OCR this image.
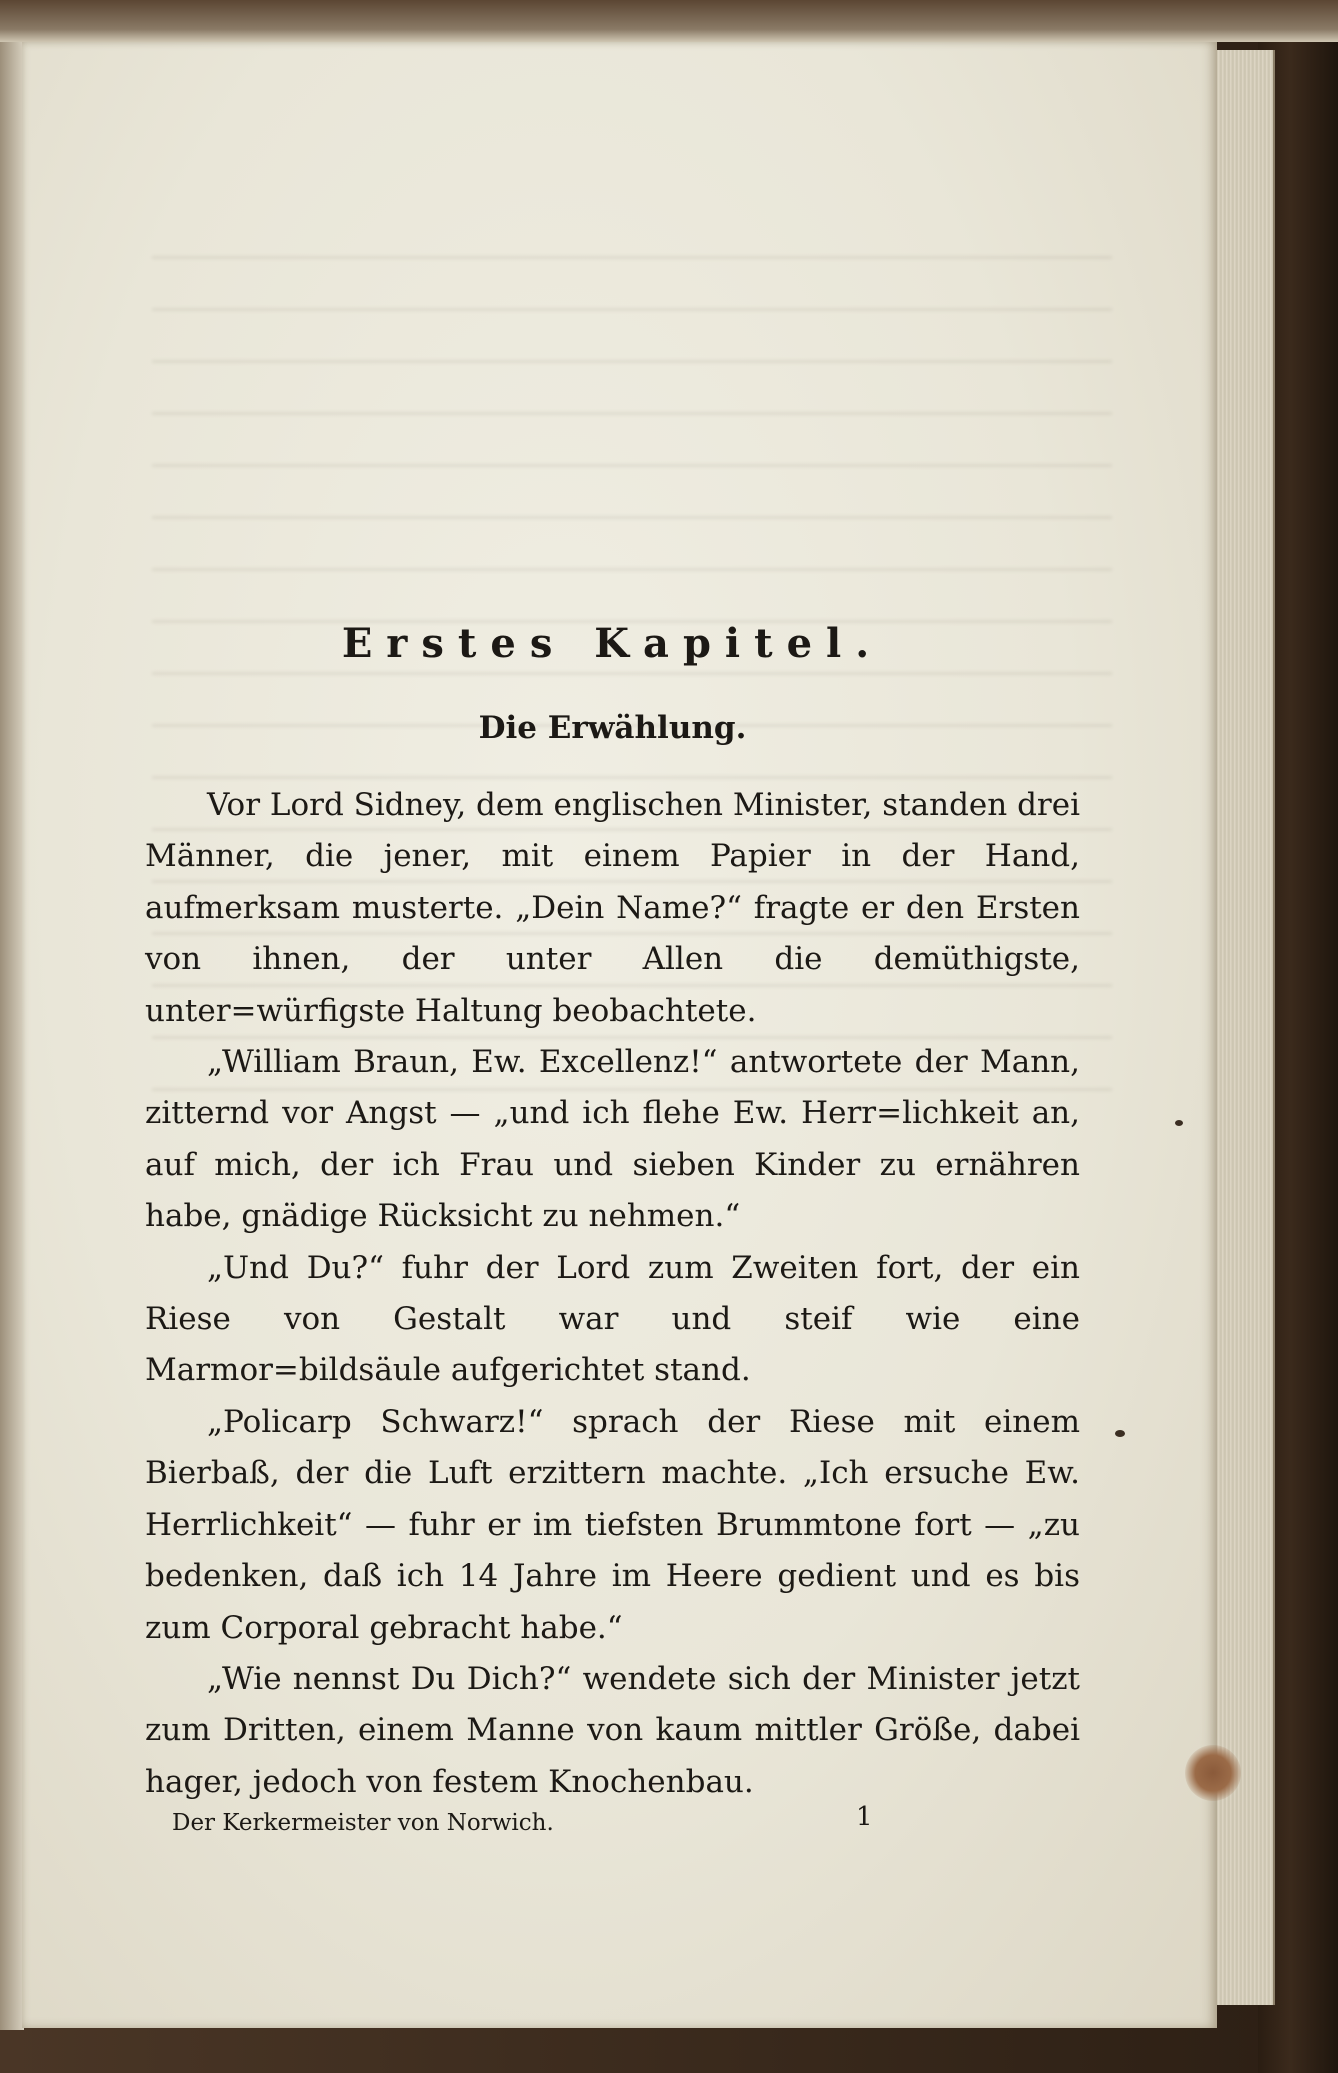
Erstes Kapitel.
Die Erwählung.

Vor Lord Sidney, dem englischen Minister, standen drei Männer, die jener, mit einem Papier in der Hand, aufmerksam musterte. „Dein Name?“ fragte er den Ersten von ihnen, der unter Allen die demüthigste, unter=würfigste Haltung beobachtete.

„William Braun, Ew. Excellenz!“ antwortete der Mann, zitternd vor Angst — „und ich flehe Ew. Herr=lichkeit an, auf mich, der ich Frau und sieben Kinder zu ernähren habe, gnädige Rücksicht zu nehmen.“

„Und Du?“ fuhr der Lord zum Zweiten fort, der ein Riese von Gestalt war und steif wie eine Marmor=bildsäule aufgerichtet stand.

„Policarp Schwarz!“ sprach der Riese mit einem Bierbaß, der die Luft erzittern machte. „Ich ersuche Ew. Herrlichkeit“ — fuhr er im tiefsten Brummtone fort — „zu bedenken, daß ich 14 Jahre im Heere gedient und es bis zum Corporal gebracht habe.“

„Wie nennst Du Dich?“ wendete sich der Minister jetzt zum Dritten, einem Manne von kaum mittler Größe, dabei hager, jedoch von festem Knochenbau.

Der Kerkermeister von Norwich.	1
